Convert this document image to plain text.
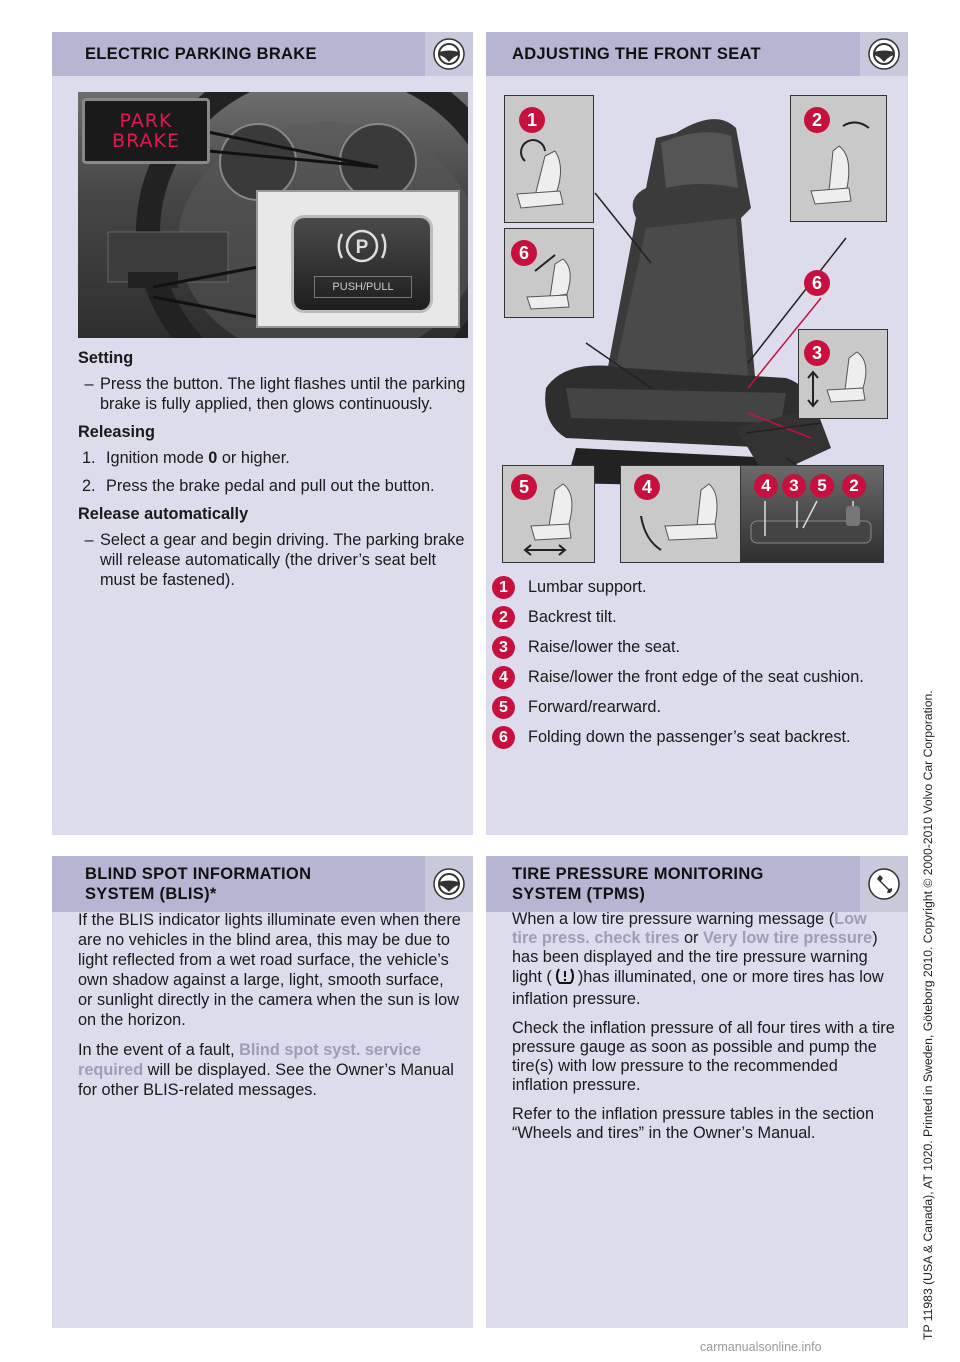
ELECTRIC PARKING BRAKE
PARK
BRAKE
P
PUSH/PULL
Setting
– Press the button. The light flashes until the parking brake is fully applied, then glows continuously.
Releasing
1. Ignition mode 0 or higher.
2. Press the brake pedal and pull out the button.
Release automatically
– Select a gear and begin driving. The parking brake will release automatically (the driver’s seat belt must be fastened).
ADJUSTING THE FRONT SEAT
1	2
6
6
3
5	4	4	3	5	2
1	Lumbar support.
2	Backrest tilt.
3	Raise/lower the seat.
4	Raise/lower the front edge of the seat cushion.
5	Forward/rearward.
6	Folding down the passenger’s seat backrest.
BLIND SPOT INFORMATION
SYSTEM (BLIS)*

If the BLIS indicator lights illuminate even when there are no vehicles in the blind area, this may be due to light reflected from a wet road surface, the vehicle’s own shadow against a large, light, smooth surface, or sunlight directly in the camera when the sun is low on the horizon.

In the event of a fault, Blind spot syst. service required will be displayed. See the Owner’s Manual for other BLIS-related messages.

TIRE PRESSURE MONITORING
SYSTEM (TPMS)

When a low tire pressure warning message (Low tire press. check tires or Very low tire pressure) has been displayed and the tire pressure warning light ( )has illuminated, one or more tires has low inflation pressure.

Check the inflation pressure of all four tires with a tire pressure gauge as soon as possible and pump the tire(s) with low pressure to the recommended inflation pressure.

Refer to the inflation pressure tables in the section “Wheels and tires” in the Owner’s Manual.	TP 11983 (USA & Canada), AT 1020. Printed in Sweden, Göteborg 2010. Copyright © 2000-2010 Volvo Car Corporation.
carmanualsonline.info
